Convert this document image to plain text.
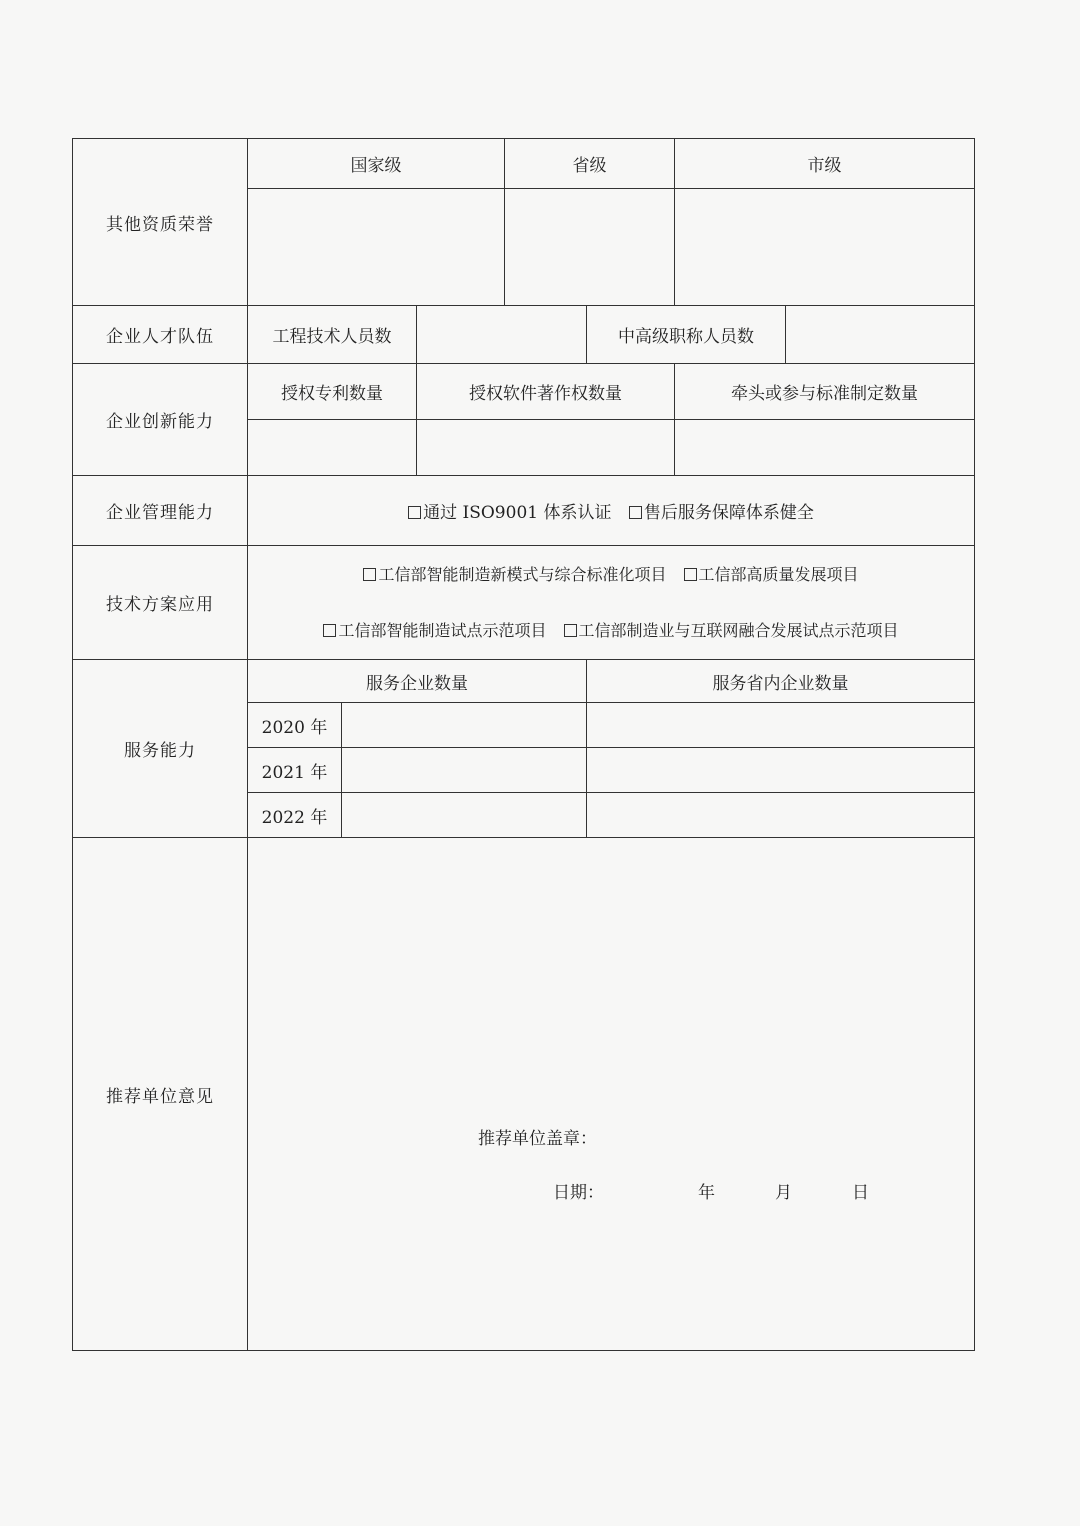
其他资质荣誉	国家级			省级		市级	

企业人才队伍	工程技术人员数				中高级职称人员数		
企业创新能力	授权专利数量		授权软件著作权数量			牵头或参与标准制定数量	

企业管理能力	通过 ISO9001 体系认证 售后服务保障体系健全						
技术方案应用	工信部智能制造新模式与综合标准化项目 工信部高质量发展项目
工信部智能制造试点示范项目 工信部制造业与互联网融合发展试点示范项目						

服务能力	服务企业数量				服务省内企业数量		
	2020 年						
	2021 年						
	2022 年						
推荐单位意见	推荐单位盖章：
日期： 年 月 日						
